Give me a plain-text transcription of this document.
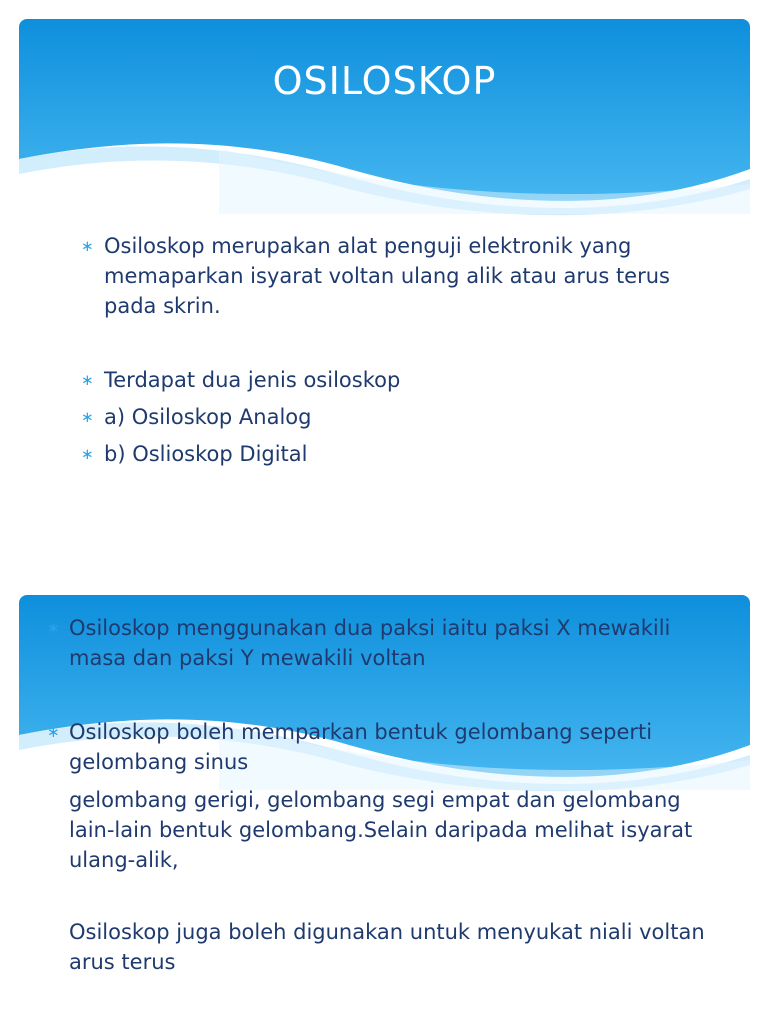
OSILOSKOP
∗ Osiloskop merupakan alat penguji elektronik yang memaparkan isyarat voltan ulang alik atau arus terus pada skrin.
∗ Terdapat dua jenis osiloskop
∗ a) Osiloskop Analog
∗ b) Oslioskop Digital
∗ Osiloskop menggunakan dua paksi iaitu paksi X mewakili masa dan paksi Y mewakili voltan
∗ Osiloskop boleh memparkan bentuk gelombang seperti gelombang sinus
gelombang gerigi, gelombang segi empat dan gelombang lain-lain bentuk gelombang.Selain daripada melihat isyarat ulang-alik,
Osiloskop juga boleh digunakan untuk menyukat niali voltan arus terus
